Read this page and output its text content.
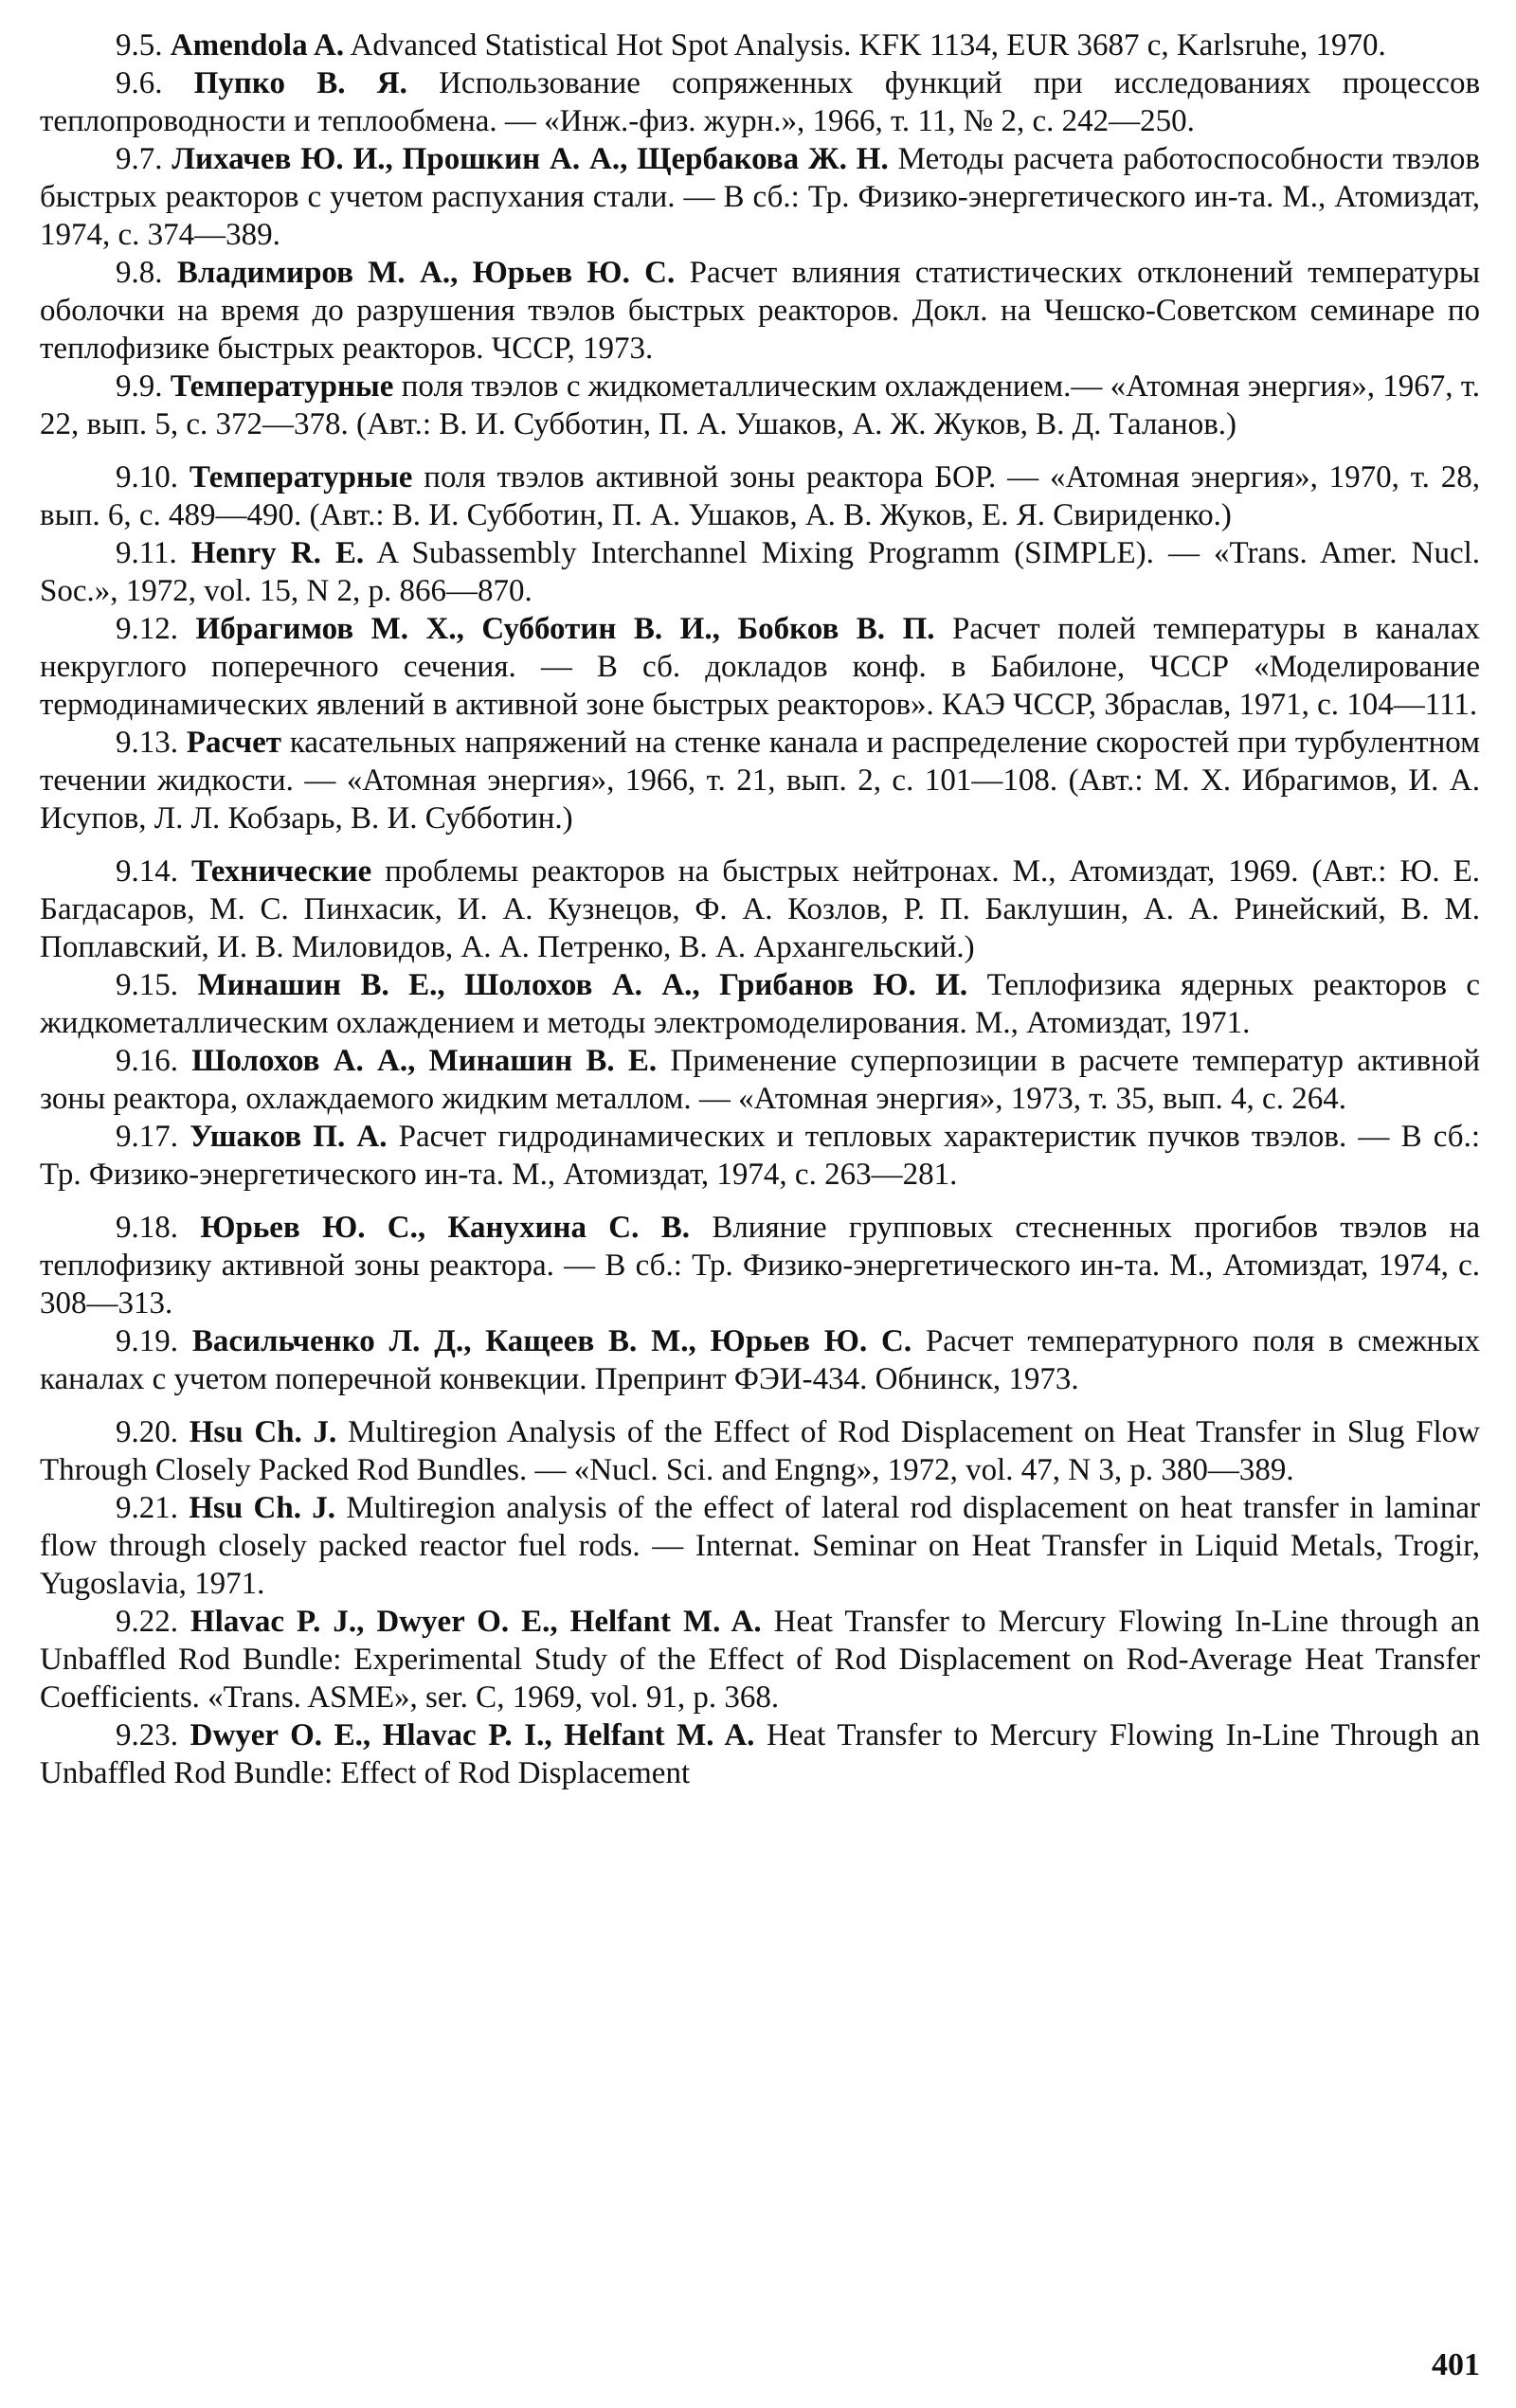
9.5. Amendola A. Advanced Statistical Hot Spot Analysis. KFK 1134, EUR 3687 c, Karlsruhe, 1970.

9.6. Пупко В. Я. Использование сопряженных функций при исследованиях процессов теплопроводности и теплообмена. — «Инж.-физ. журн.», 1966, т. 11, № 2, с. 242—250.

9.7. Лихачев Ю. И., Прошкин А. А., Щербакова Ж. Н. Методы расчета работоспособности твэлов быстрых реакторов с учетом распухания стали. — В сб.: Тр. Физико-энергетического ин-та. М., Атомиздат, 1974, с. 374—389.

9.8. Владимиров М. А., Юрьев Ю. С. Расчет влияния статистических отклонений температуры оболочки на время до разрушения твэлов быстрых реакторов. Докл. на Чешско-Советском семинаре по теплофизике быстрых реакторов. ЧССР, 1973.

9.9. Температурные поля твэлов с жидкометаллическим охлаждением.— «Атомная энергия», 1967, т. 22, вып. 5, с. 372—378. (Авт.: В. И. Субботин, П. А. Ушаков, А. Ж. Жуков, В. Д. Таланов.)

9.10. Температурные поля твэлов активной зоны реактора БОР. — «Атомная энергия», 1970, т. 28, вып. 6, с. 489—490. (Авт.: В. И. Субботин, П. А. Ушаков, А. В. Жуков, Е. Я. Свириденко.)

9.11. Henry R. E. A Subassembly Interchannel Mixing Programm (SIMPLE). — «Trans. Amer. Nucl. Soc.», 1972, vol. 15, N 2, p. 866—870.

9.12. Ибрагимов М. Х., Субботин В. И., Бобков В. П. Расчет полей температуры в каналах некруглого поперечного сечения. — В сб. докладов конф. в Бабилоне, ЧССР «Моделирование термодинамических явлений в активной зоне быстрых реакторов». КАЭ ЧССР, Збраслав, 1971, с. 104—111.

9.13. Расчет касательных напряжений на стенке канала и распределение скоростей при турбулентном течении жидкости. — «Атомная энергия», 1966, т. 21, вып. 2, с. 101—108. (Авт.: М. Х. Ибрагимов, И. А. Исупов, Л. Л. Кобзарь, В. И. Субботин.)

9.14. Технические проблемы реакторов на быстрых нейтронах. М., Атомиздат, 1969. (Авт.: Ю. Е. Багдасаров, М. С. Пинхасик, И. А. Кузнецов, Ф. А. Козлов, Р. П. Баклушин, А. А. Ринейский, В. М. Поплавский, И. В. Миловидов, А. А. Петренко, В. А. Архангельский.)

9.15. Минашин В. Е., Шолохов А. А., Грибанов Ю. И. Теплофизика ядерных реакторов с жидкометаллическим охлаждением и методы электромоделирования. М., Атомиздат, 1971.

9.16. Шолохов А. А., Минашин В. Е. Применение суперпозиции в расчете температур активной зоны реактора, охлаждаемого жидким металлом. — «Атомная энергия», 1973, т. 35, вып. 4, с. 264.

9.17. Ушаков П. А. Расчет гидродинамических и тепловых характеристик пучков твэлов. — В сб.: Тр. Физико-энергетического ин-та. М., Атомиздат, 1974, с. 263—281.

9.18. Юрьев Ю. С., Канухина С. В. Влияние групповых стесненных прогибов твэлов на теплофизику активной зоны реактора. — В сб.: Тр. Физико-энергетического ин-та. М., Атомиздат, 1974, с. 308—313.

9.19. Васильченко Л. Д., Кащеев В. М., Юрьев Ю. С. Расчет температурного поля в смежных каналах с учетом поперечной конвекции. Препринт ФЭИ-434. Обнинск, 1973.

9.20. Hsu Ch. J. Multiregion Analysis of the Effect of Rod Displacement on Heat Transfer in Slug Flow Through Closely Packed Rod Bundles. — «Nucl. Sci. and Engng», 1972, vol. 47, N 3, p. 380—389.

9.21. Hsu Ch. J. Multiregion analysis of the effect of lateral rod displacement on heat transfer in laminar flow through closely packed reactor fuel rods. — Internat. Seminar on Heat Transfer in Liquid Metals, Trogir, Yugoslavia, 1971.

9.22. Hlavac P. J., Dwyer O. E., Helfant M. A. Heat Transfer to Mercury Flowing In-Line through an Unbaffled Rod Bundle: Experimental Study of the Effect of Rod Displacement on Rod-Average Heat Transfer Coefficients. «Trans. ASME», ser. C, 1969, vol. 91, p. 368.

9.23. Dwyer O. E., Hlavac P. I., Helfant M. A. Heat Transfer to Mercury Flowing In-Line Through an Unbaffled Rod Bundle: Effect of Rod Displacement

401
